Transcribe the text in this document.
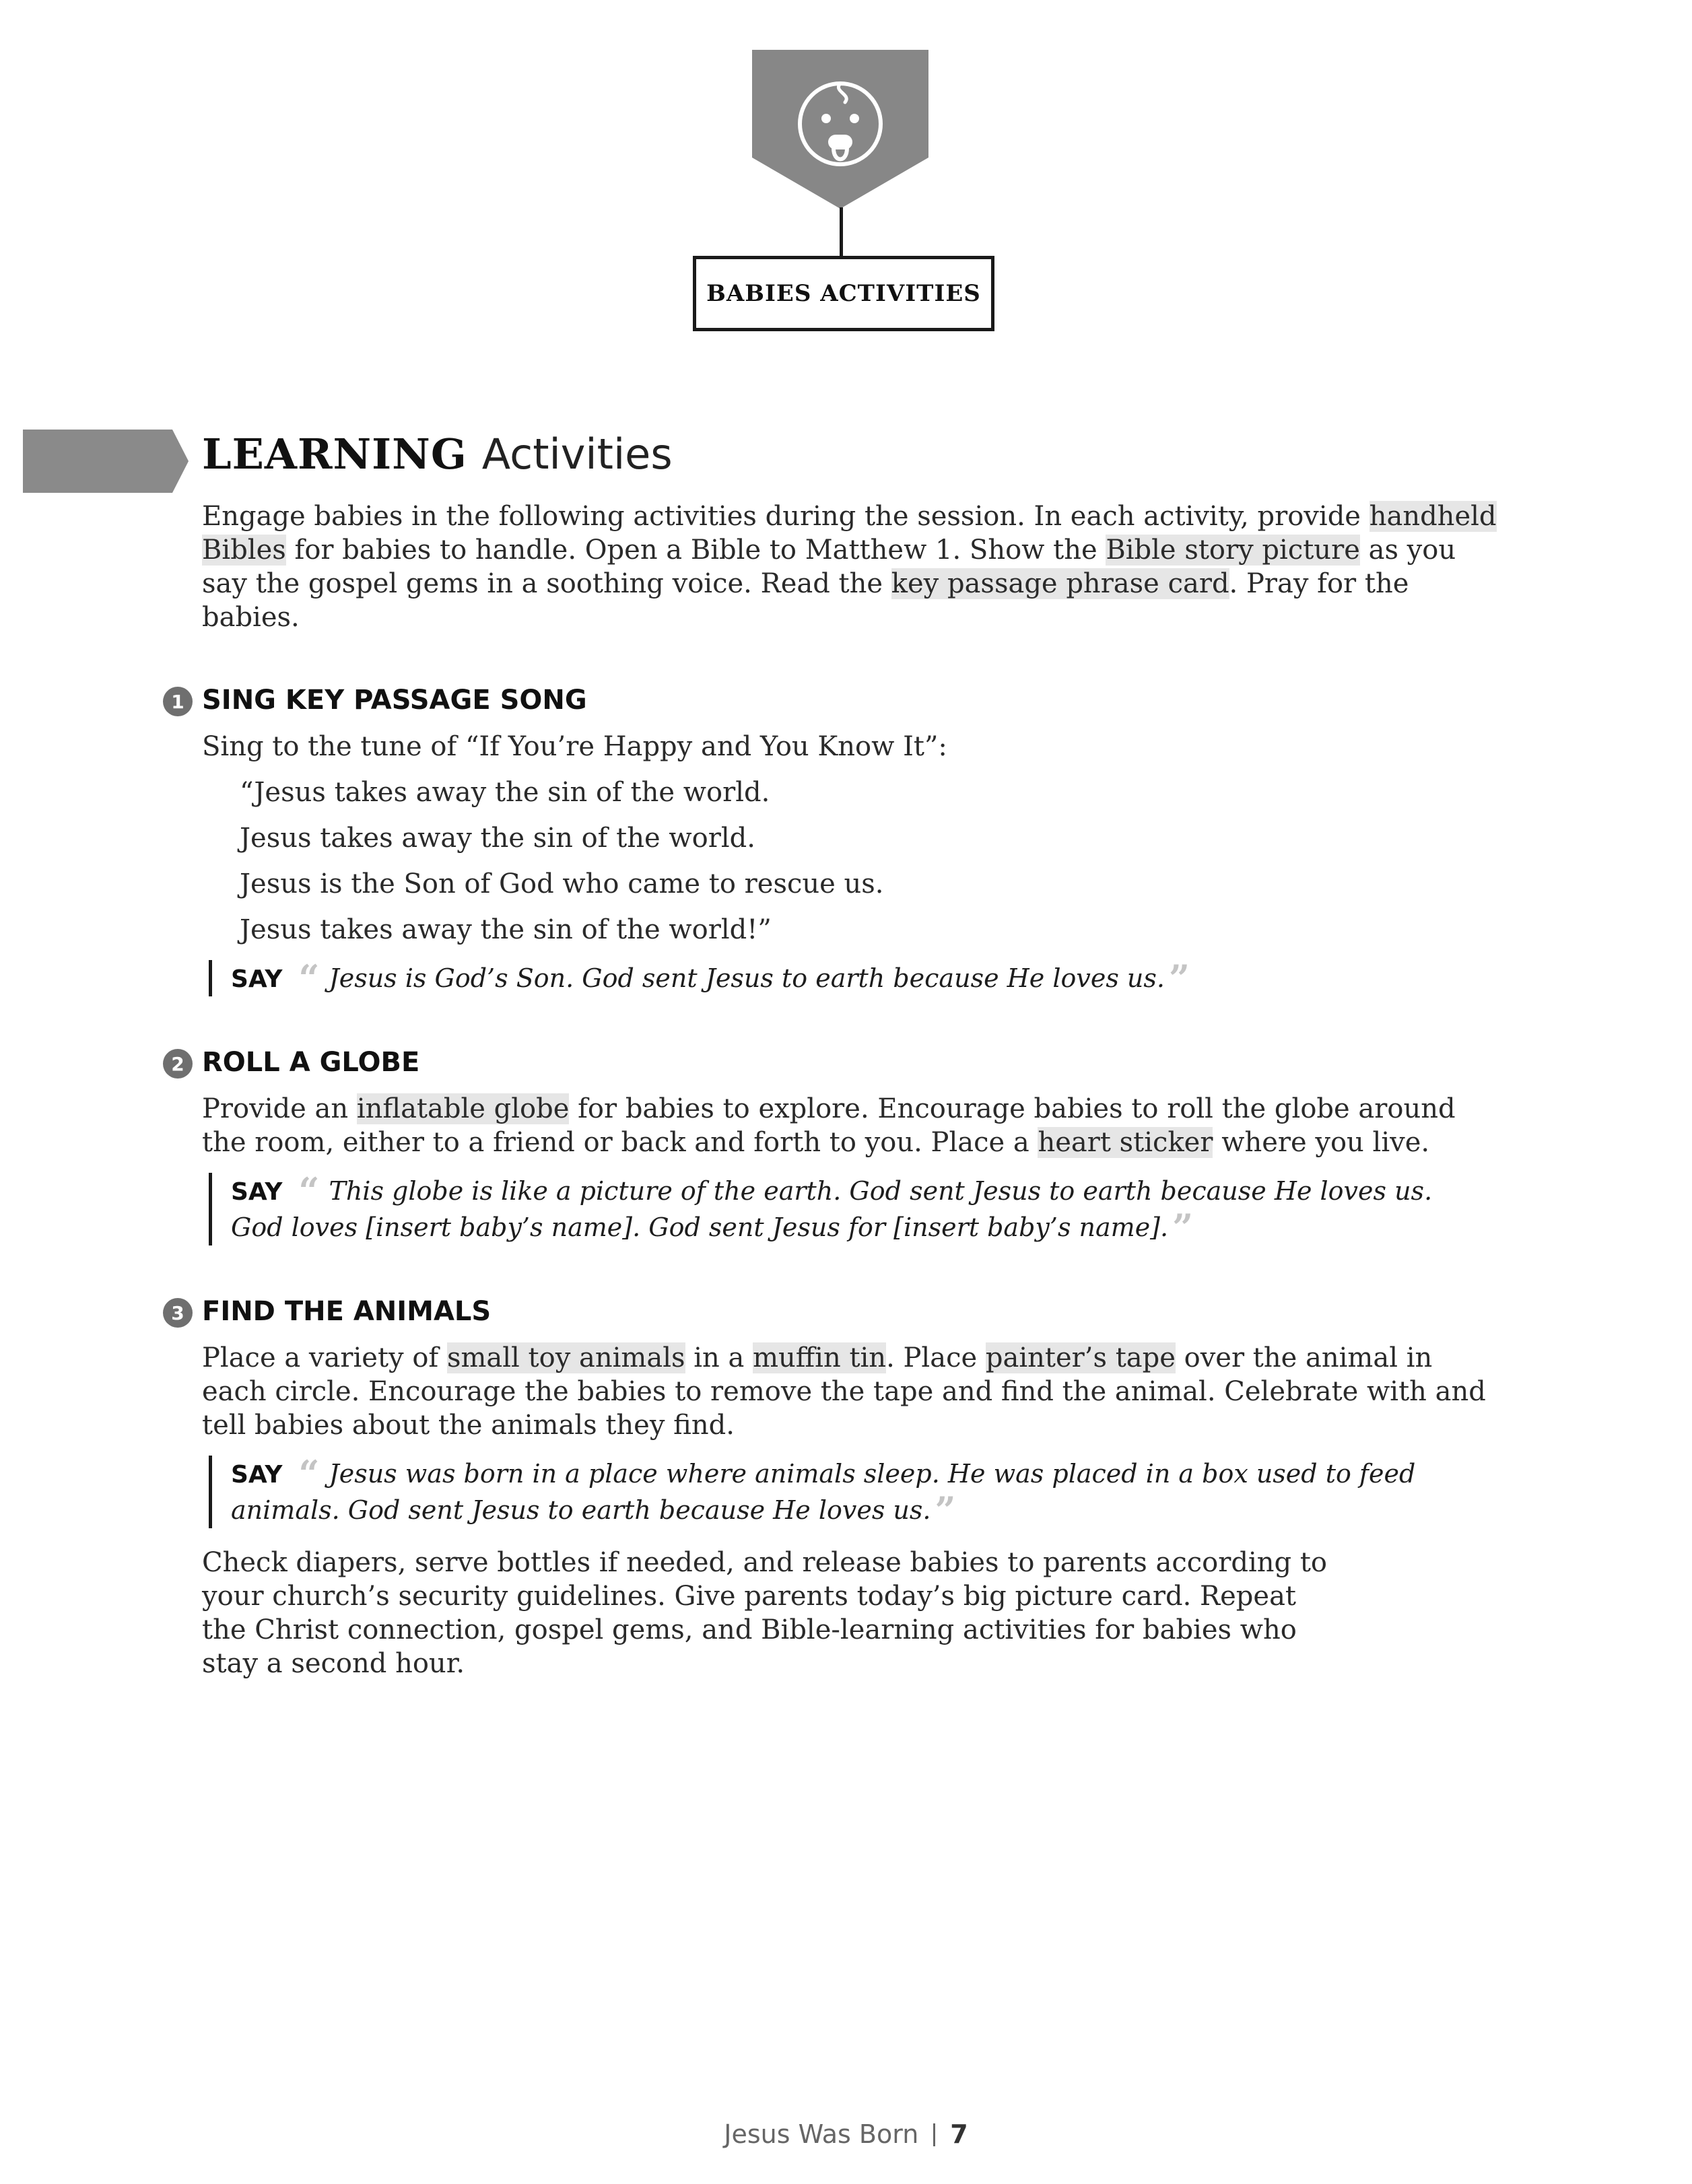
BABIES ACTIVITIES
LEARNING Activities

Engage babies in the following activities during the session. In each activity, provide handheld Bibles for babies to handle. Open a Bible to Matthew 1. Show the Bible story picture as you say the gospel gems in a soothing voice. Read the key passage phrase card. Pray for the babies.

1 SING KEY PASSAGE SONG

Sing to the tune of “If You’re Happy and You Know It”:

“Jesus takes away the sin of the world.

Jesus takes away the sin of the world.

Jesus is the Son of God who came to rescue us.

Jesus takes away the sin of the world!”

SAY “ Jesus is God’s Son. God sent Jesus to earth because He loves us. ”
2 ROLL A GLOBE

Provide an inflatable globe for babies to explore. Encourage babies to roll the globe around the room, either to a friend or back and forth to you. Place a heart sticker where you live.

SAY “ This globe is like a picture of the earth. God sent Jesus to earth because He loves us. God loves [insert baby’s name]. God sent Jesus for [insert baby’s name]. ”
3 FIND THE ANIMALS

Place a variety of small toy animals in a muffin tin. Place painter’s tape over the animal in each circle. Encourage the babies to remove the tape and find the animal. Celebrate with and tell babies about the animals they find.

SAY “ Jesus was born in a place where animals sleep. He was placed in a box used to feed animals. God sent Jesus to earth because He loves us. ”

Check diapers, serve bottles if needed, and release babies to parents according to your church’s security guidelines. Give parents today’s big picture card. Repeat the Christ connection, gospel gems, and Bible-learning activities for babies who stay a second hour.

Jesus Was Born 7
